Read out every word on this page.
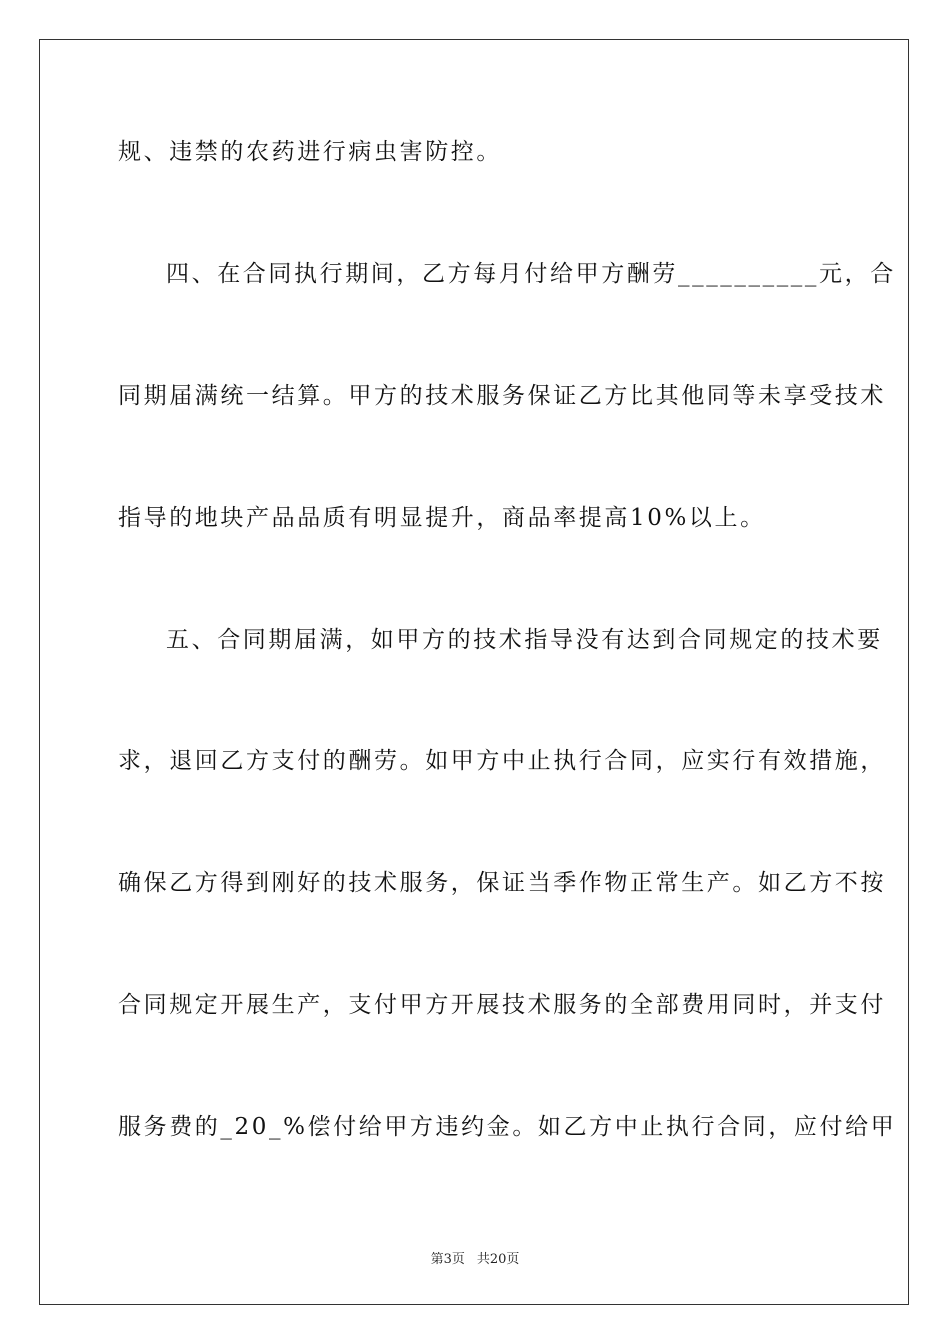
规、违禁的农药进行病虫害防控。
四、在合同执行期间，乙方每月付给甲方酬劳__________元，合
同期届满统一结算。甲方的技术服务保证乙方比其他同等未享受技术
指导的地块产品品质有明显提升，商品率提高10%以上。
五、合同期届满，如甲方的技术指导没有达到合同规定的技术要
求，退回乙方支付的酬劳。如甲方中止执行合同，应实行有效措施，
确保乙方得到刚好的技术服务，保证当季作物正常生产。如乙方不按
合同规定开展生产，支付甲方开展技术服务的全部费用同时，并支付
服务费的_20_%偿付给甲方违约金。如乙方中止执行合同，应付给甲
第3页 共20页
